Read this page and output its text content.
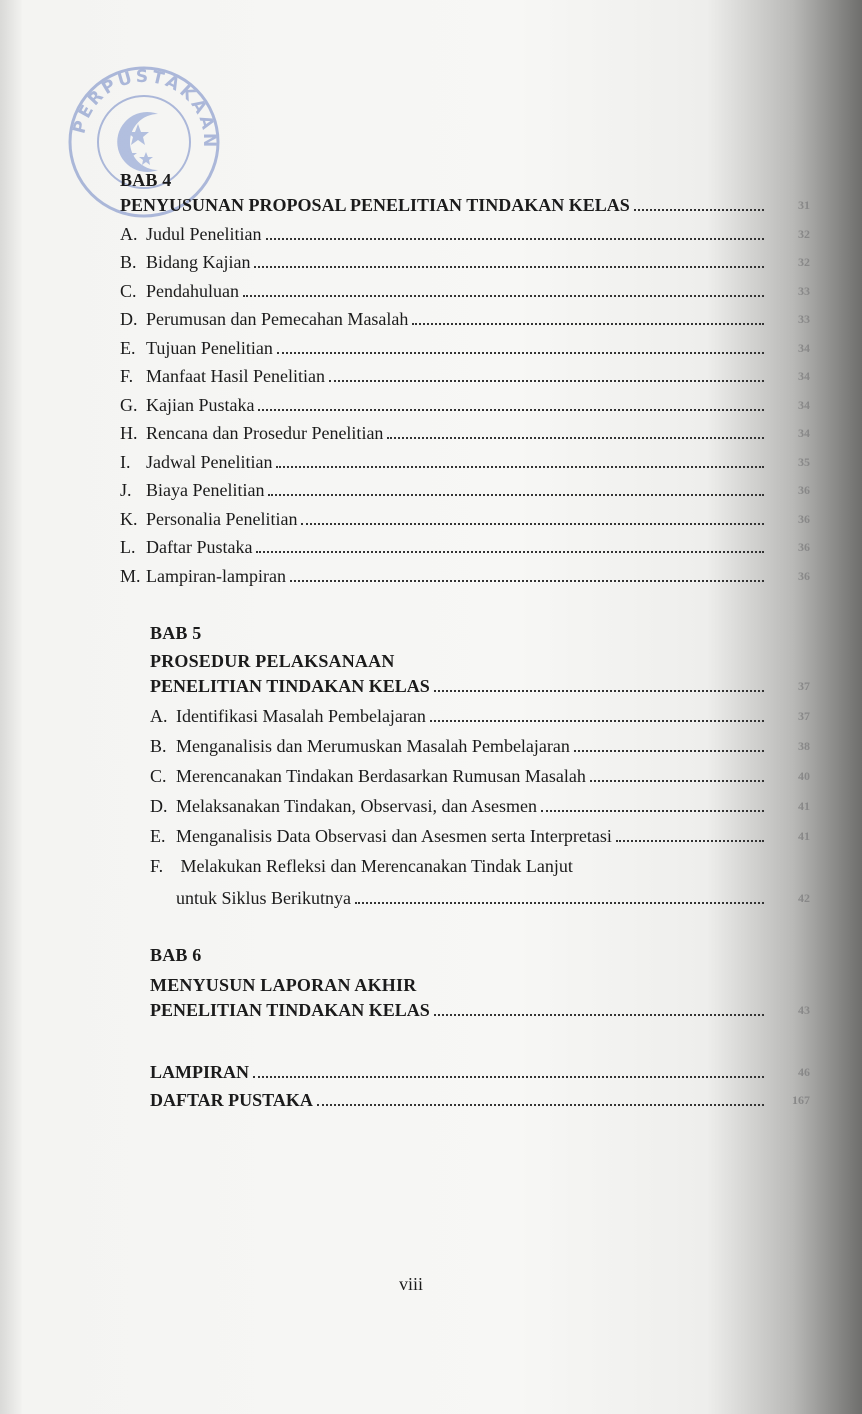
PERPUSTAKAAN
BAB 4
PENYUSUNAN PROPOSAL PENELITIAN TINDAKAN KELAS	31
A. Judul Penelitian	32
B. Bidang Kajian	32
C. Pendahuluan	33
D. Perumusan dan Pemecahan Masalah	33
E. Tujuan Penelitian	34
F. Manfaat Hasil Penelitian	34
G. Kajian Pustaka	34
H. Rencana dan Prosedur Penelitian	34
I. Jadwal Penelitian	35
J. Biaya Penelitian	36
K. Personalia Penelitian	36
L. Daftar Pustaka	36
M. Lampiran-lampiran	36
BAB 5
PROSEDUR PELAKSANAAN
PENELITIAN TINDAKAN KELAS	37
A. Identifikasi Masalah Pembelajaran	37
B. Menganalisis dan Merumuskan Masalah Pembelajaran	38
C. Merencanakan Tindakan Berdasarkan Rumusan Masalah	40
D. Melaksanakan Tindakan, Observasi, dan Asesmen	41
E. Menganalisis Data Observasi dan Asesmen serta Interpretasi	41
F. Melakukan Refleksi dan Merencanakan Tindak Lanjut
untuk Siklus Berikutnya	42
BAB 6
MENYUSUN LAPORAN AKHIR
PENELITIAN TINDAKAN KELAS	43
LAMPIRAN	46
DAFTAR PUSTAKA	167
viii
